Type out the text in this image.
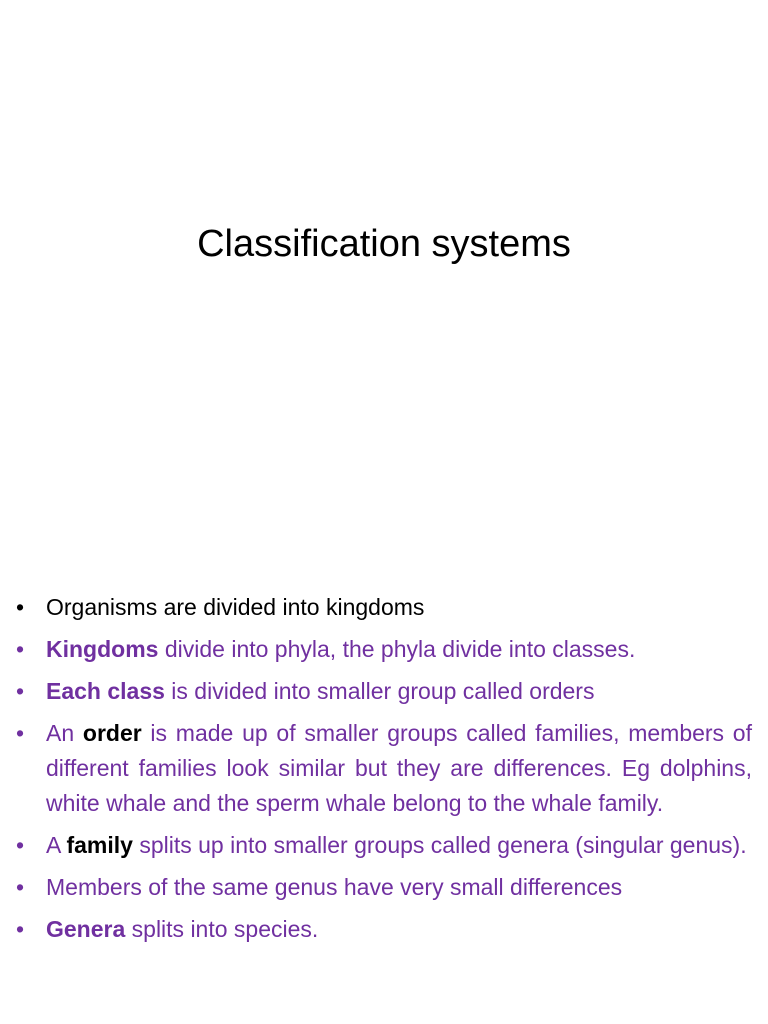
Classification systems
• Organisms are divided into kingdoms
• Kingdoms divide into phyla, the phyla divide into classes.
• Each class is divided into smaller group called orders
• An order is made up of smaller groups called families, members of different families look similar but they are differences. Eg dolphins, white whale and the sperm whale belong to the whale family.
• A family splits up into smaller groups called genera (singular genus).
• Members of the same genus have very small differences
• Genera splits into species.
